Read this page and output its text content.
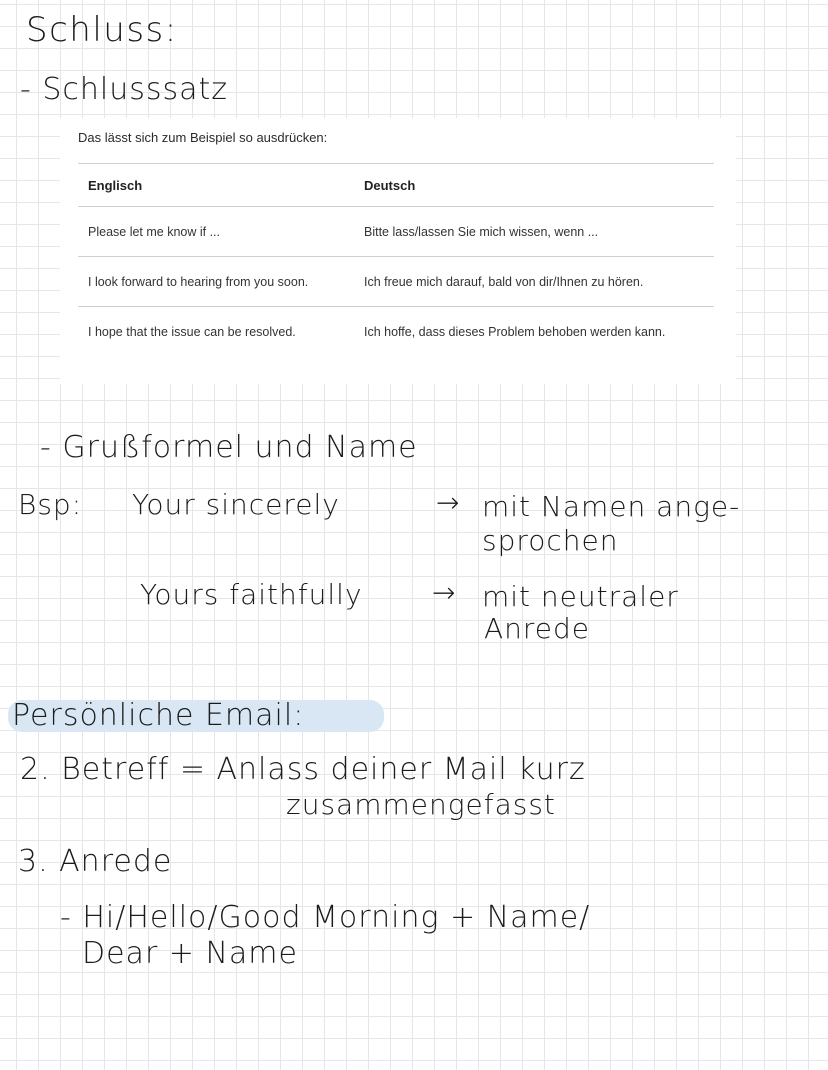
Schluss:
- Schlusssatz
Das lässt sich zum Beispiel so ausdrücken:
Englisch	Deutsch
Please let me know if ...	Bitte lass/lassen Sie mich wissen, wenn ...
I look forward to hearing from you soon.	Ich freue mich darauf, bald von dir/Ihnen zu hören.
I hope that the issue can be resolved.	Ich hoffe, dass dieses Problem behoben werden kann.
- Grußformel und Name
Bsp: Your sincerely	→ mit Namen ange-
sprochen
Yours faithfully → mit neutraler
Anrede
Persönliche Email:
2. Betreff = Anlass deiner Mail kurz
zusammengefasst
3. Anrede
- Hi/Hello/Good Morning + Name/
Dear + Name
